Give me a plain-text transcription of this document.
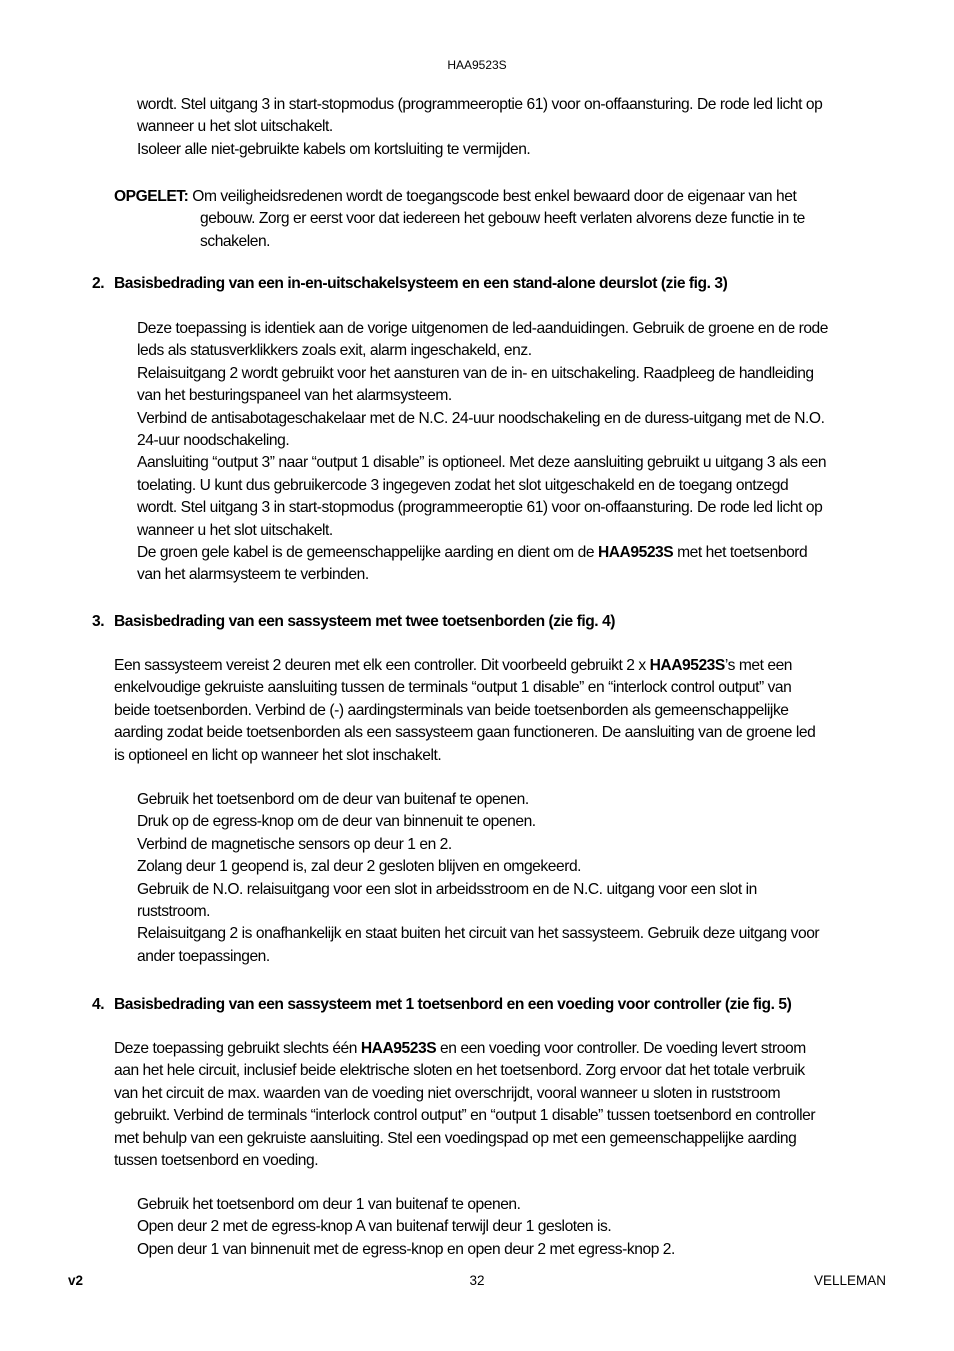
HAA9523S

wordt. Stel uitgang 3 in start-stopmodus (programmeeroptie 61) voor on-offaansturing. De rode led licht op

wanneer u het slot uitschakelt.

Isoleer alle niet-gebruikte kabels om kortsluiting te vermijden.

OPGELET: Om veiligheidsredenen wordt de toegangscode best enkel bewaard door de eigenaar van het

gebouw. Zorg er eerst voor dat iedereen het gebouw heeft verlaten alvorens deze functie in te

schakelen.

2. Basisbedrading van een in-en-uitschakelsysteem en een stand-alone deurslot (zie fig. 3)

Deze toepassing is identiek aan de vorige uitgenomen de led-aanduidingen. Gebruik de groene en de rode

leds als statusverklikkers zoals exit, alarm ingeschakeld, enz.

Relaisuitgang 2 wordt gebruikt voor het aansturen van de in- en uitschakeling. Raadpleeg de handleiding

van het besturingspaneel van het alarmsysteem.

Verbind de antisabotageschakelaar met de N.C. 24-uur noodschakeling en de duress-uitgang met de N.O.

24-uur noodschakeling.

Aansluiting “output 3” naar “output 1 disable” is optioneel. Met deze aansluiting gebruikt u uitgang 3 als een

toelating. U kunt dus gebruikercode 3 ingegeven zodat het slot uitgeschakeld en de toegang ontzegd

wordt. Stel uitgang 3 in start-stopmodus (programmeeroptie 61) voor on-offaansturing. De rode led licht op

wanneer u het slot uitschakelt.

De groen gele kabel is de gemeenschappelijke aarding en dient om de HAA9523S met het toetsenbord

van het alarmsysteem te verbinden.

3. Basisbedrading van een sassysteem met twee toetsenborden (zie fig. 4)

Een sassysteem vereist 2 deuren met elk een controller. Dit voorbeeld gebruikt 2 x HAA9523S’s met een

enkelvoudige gekruiste aansluiting tussen de terminals “output 1 disable” en “interlock control output” van

beide toetsenborden. Verbind de (-) aardingsterminals van beide toetsenborden als gemeenschappelijke

aarding zodat beide toetsenborden als een sassysteem gaan functioneren. De aansluiting van de groene led

is optioneel en licht op wanneer het slot inschakelt.

Gebruik het toetsenbord om de deur van buitenaf te openen.

Druk op de egress-knop om de deur van binnenuit te openen.

Verbind de magnetische sensors op deur 1 en 2.

Zolang deur 1 geopend is, zal deur 2 gesloten blijven en omgekeerd.

Gebruik de N.O. relaisuitgang voor een slot in arbeidsstroom en de N.C. uitgang voor een slot in

ruststroom.

Relaisuitgang 2 is onafhankelijk en staat buiten het circuit van het sassysteem. Gebruik deze uitgang voor

ander toepassingen.

4. Basisbedrading van een sassysteem met 1 toetsenbord en een voeding voor controller (zie fig. 5)

Deze toepassing gebruikt slechts één HAA9523S en een voeding voor controller. De voeding levert stroom

aan het hele circuit, inclusief beide elektrische sloten en het toetsenbord. Zorg ervoor dat het totale verbruik

van het circuit de max. waarden van de voeding niet overschrijdt, vooral wanneer u sloten in ruststroom

gebruikt. Verbind de terminals “interlock control output” en “output 1 disable” tussen toetsenbord en controller

met behulp van een gekruiste aansluiting. Stel een voedingspad op met een gemeenschappelijke aarding

tussen toetsenbord en voeding.

Gebruik het toetsenbord om deur 1 van buitenaf te openen.

Open deur 2 met de egress-knop A van buitenaf terwijl deur 1 gesloten is.

Open deur 1 van binnenuit met de egress-knop en open deur 2 met egress-knop 2.

v2	32	VELLEMAN
